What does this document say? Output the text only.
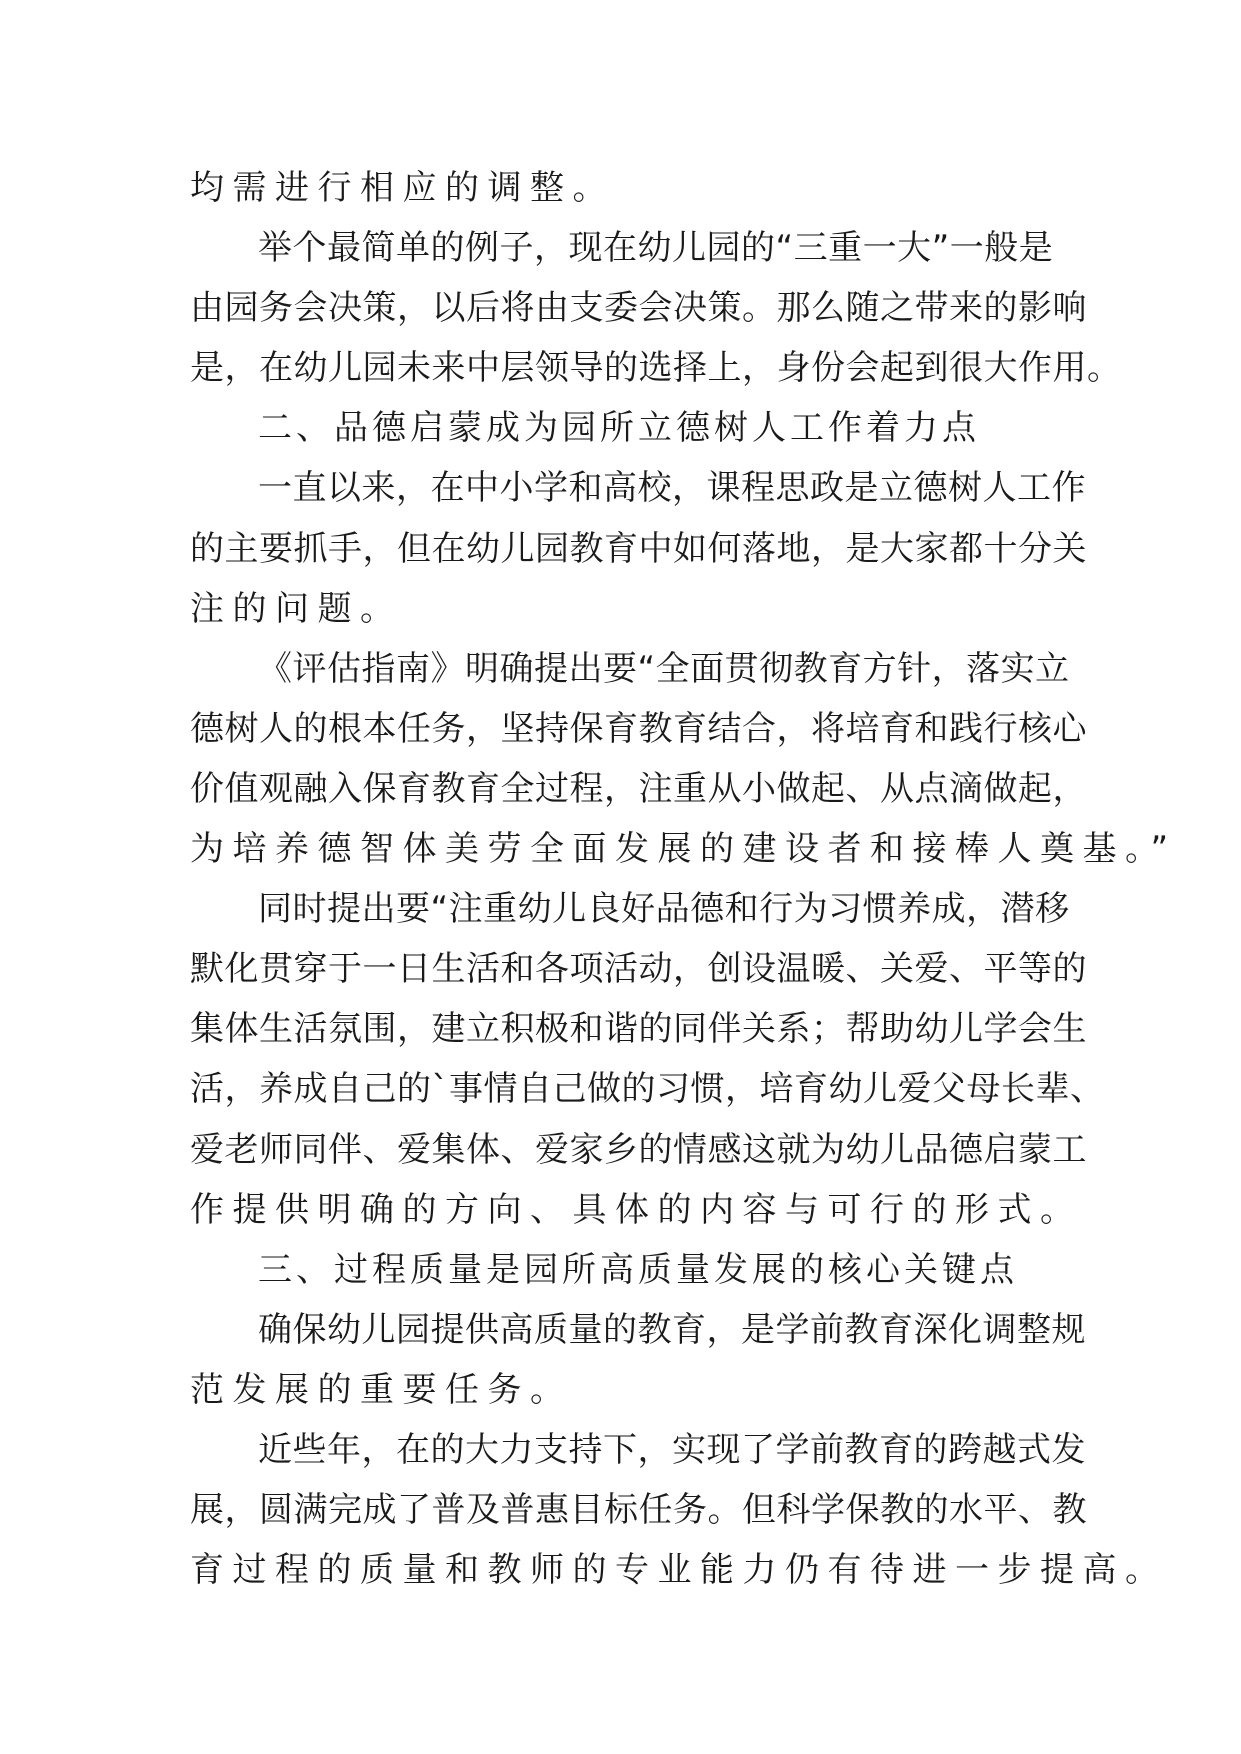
均需进行相应的调整。
举个最简单的例子，现在幼儿园的“三重一大”一般是
由园务会决策，以后将由支委会决策。那么随之带来的影响
是，在幼儿园未来中层领导的选择上，身份会起到很大作用。
二、品德启蒙成为园所立德树人工作着力点
一直以来，在中小学和高校，课程思政是立德树人工作
的主要抓手，但在幼儿园教育中如何落地，是大家都十分关
注的问题。
《评估指南》明确提出要“全面贯彻教育方针，落实立
德树人的根本任务，坚持保育教育结合，将培育和践行核心
价值观融入保育教育全过程，注重从小做起、从点滴做起，
为培养德智体美劳全面发展的建设者和接棒人奠基。”
同时提出要“注重幼儿良好品德和行为习惯养成，潜移
默化贯穿于一日生活和各项活动，创设温暖、关爱、平等的
集体生活氛围，建立积极和谐的同伴关系；帮助幼儿学会生
活，养成自己的`事情自己做的习惯，培育幼儿爱父母长辈、
爱老师同伴、爱集体、爱家乡的情感这就为幼儿品德启蒙工
作提供明确的方向、具体的内容与可行的形式。
三、过程质量是园所高质量发展的核心关键点
确保幼儿园提供高质量的教育，是学前教育深化调整规
范发展的重要任务。
近些年，在的大力支持下，实现了学前教育的跨越式发
展，圆满完成了普及普惠目标任务。但科学保教的水平、教
育过程的质量和教师的专业能力仍有待进一步提高。
